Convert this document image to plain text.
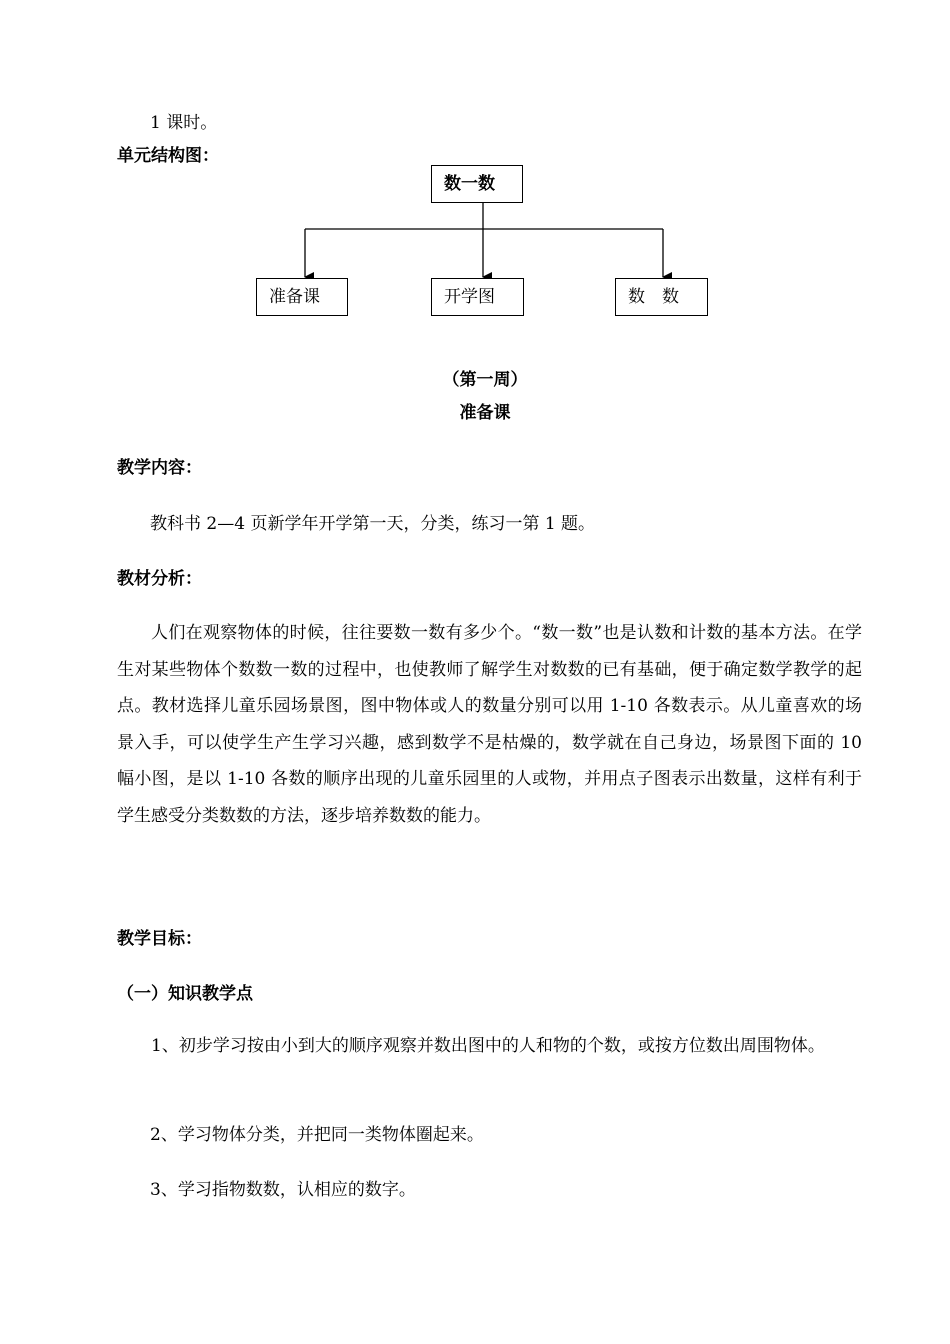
1 课时。
单元结构图：
数一数
准备课	开学图	数　数
（第一周）
准备课
教学内容：
教科书 2—4 页新学年开学第一天，分类，练习一第 1 题。
教材分析：
人们在观察物体的时候，往往要数一数有多少个。“数一数”也是认数和计数的基本方法。在学生对某些物体个数数一数的过程中，也使教师了解学生对数数的已有基础，便于确定数学教学的起点。教材选择儿童乐园场景图，图中物体或人的数量分别可以用 1-10 各数表示。从儿童喜欢的场景入手，可以使学生产生学习兴趣，感到数学不是枯燥的，数学就在自己身边，场景图下面的 10 幅小图，是以 1-10 各数的顺序出现的儿童乐园里的人或物，并用点子图表示出数量，这样有利于学生感受分类数数的方法，逐步培养数数的能力。
教学目标：
（一）知识教学点
1、初步学习按由小到大的顺序观察并数出图中的人和物的个数，或按方位数出周围物体。
2、学习物体分类，并把同一类物体圈起来。
3、学习指物数数，认相应的数字。
